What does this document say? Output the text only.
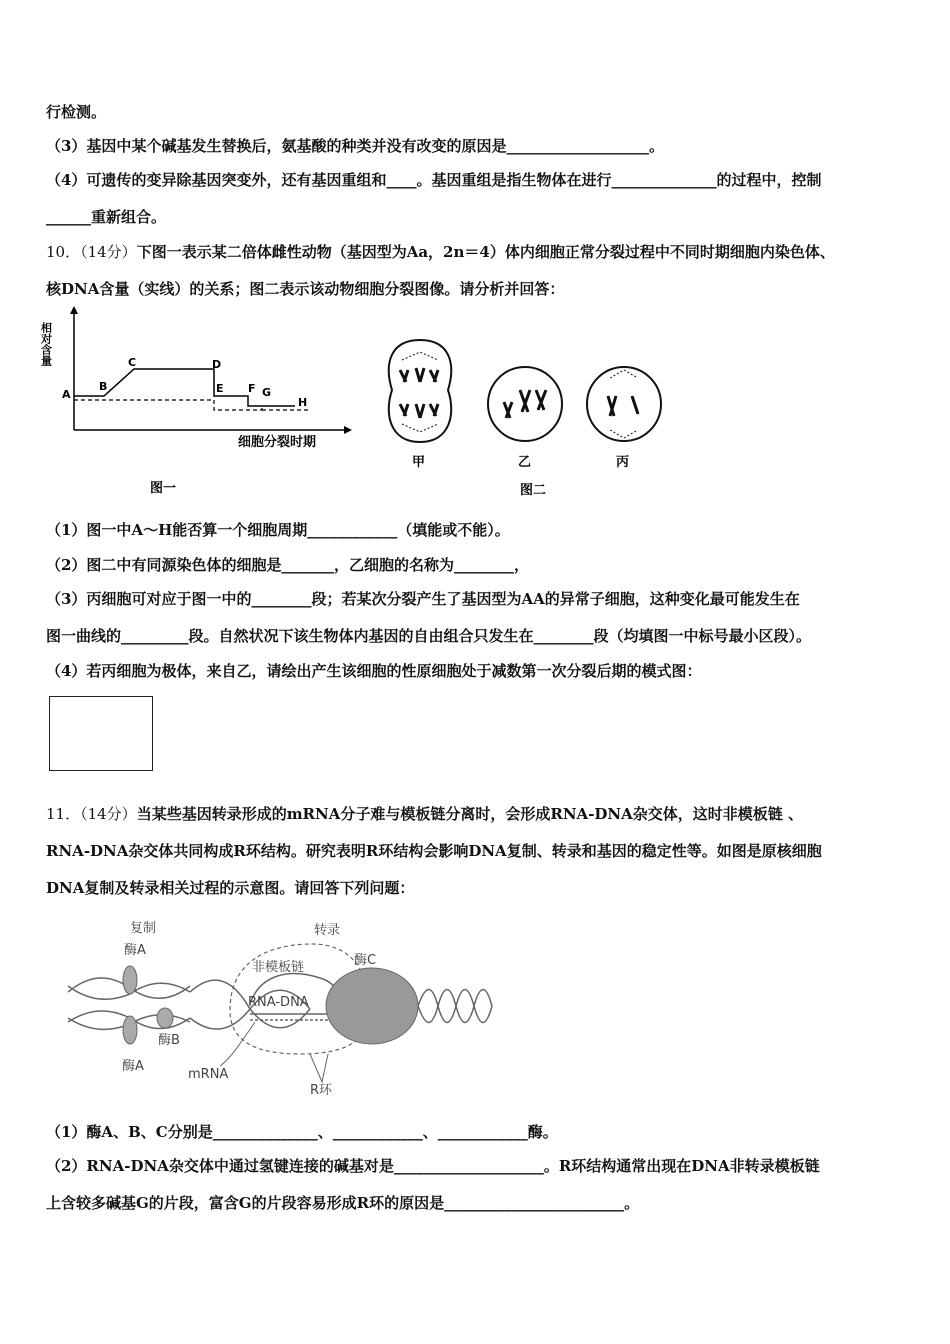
行检测。
（3）基因中某个碱基发生替换后，氨基酸的种类并没有改变的原因是___________________。
（4）可遗传的变异除基因突变外，还有基因重组和____。基因重组是指生物体在进行______________的过程中，控制
______重新组合。
10．（14分）下图一表示某二倍体雌性动物（基因型为Aa，2n＝4）体内细胞正常分裂过程中不同时期细胞内染色体、
核DNA含量（实线）的关系；图二表示该动物细胞分裂图像。请分析并回答：
相对含量
A
B
C	D
E F G
H
细胞分裂时期
图一
甲	乙	丙
图二
（1）图一中A～H能否算一个细胞周期____________（填能或不能）。
（2）图二中有同源染色体的细胞是_______，乙细胞的名称为________，
（3）丙细胞可对应于图一中的________段；若某次分裂产生了基因型为AA的异常子细胞，这种变化最可能发生在
图一曲线的_________段。自然状况下该生物体内基因的自由组合只发生在________段（均填图一中标号最小区段）。
（4）若丙细胞为极体，来自乙，请绘出产生该细胞的性原细胞处于减数第一次分裂后期的模式图：
11．（14分）当某些基因转录形成的mRNA分子难与模板链分离时，会形成RNA-DNA杂交体，这时非模板链 、
RNA-DNA杂交体共同构成R环结构。研究表明R环结构会影响DNA复制、转录和基因的稳定性等。如图是原核细胞
DNA复制及转录相关过程的示意图。请回答下列问题：
复制
酶A
转录
酶B
酶A
非模板链
RNA-DNA
酶C
mRNA
R环
（1）酶A、B、C分别是______________、____________、____________酶。
（2）RNA-DNA杂交体中通过氢键连接的碱基对是____________________。R环结构通常出现在DNA非转录模板链
上含较多碱基G的片段，富含G的片段容易形成R环的原因是________________________。
